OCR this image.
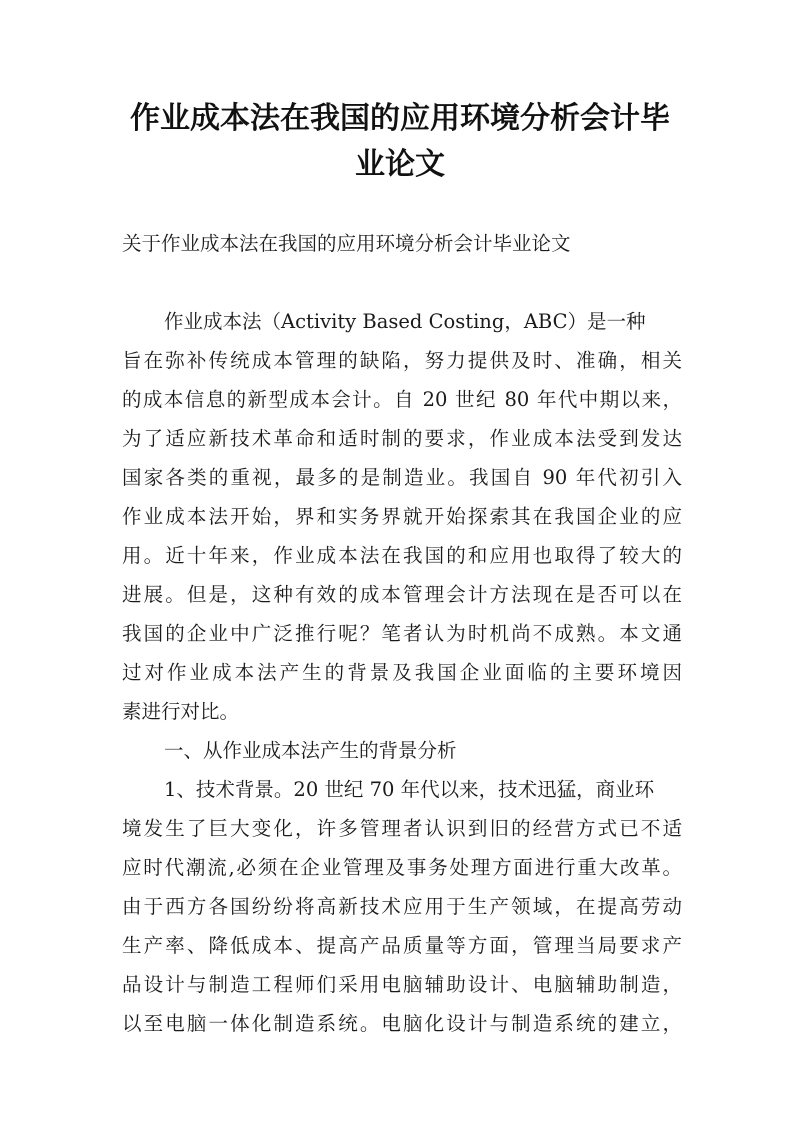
作业成本法在我国的应用环境分析会计毕
业论文
关于作业成本法在我国的应用环境分析会计毕业论文
作业成本法（Activity Based Costing，ABC）是一种
旨在弥补传统成本管理的缺陷，努力提供及时、准确，相关
的成本信息的新型成本会计。自 20 世纪 80 年代中期以来，
为了适应新技术革命和适时制的要求，作业成本法受到发达
国家各类的重视，最多的是制造业。我国自 90 年代初引入
作业成本法开始，界和实务界就开始探索其在我国企业的应
用。近十年来，作业成本法在我国的和应用也取得了较大的
进展。但是，这种有效的成本管理会计方法现在是否可以在
我国的企业中广泛推行呢？笔者认为时机尚不成熟。本文通
过对作业成本法产生的背景及我国企业面临的主要环境因
素进行对比。
一、从作业成本法产生的背景分析
1、技术背景。20 世纪 70 年代以来，技术迅猛，商业环
境发生了巨大变化，许多管理者认识到旧的经营方式已不适
应时代潮流,必须在企业管理及事务处理方面进行重大改革。
由于西方各国纷纷将高新技术应用于生产领域，在提高劳动
生产率、降低成本、提高产品质量等方面，管理当局要求产
品设计与制造工程师们采用电脑辅助设计、电脑辅助制造，
以至电脑一体化制造系统。电脑化设计与制造系统的建立，
